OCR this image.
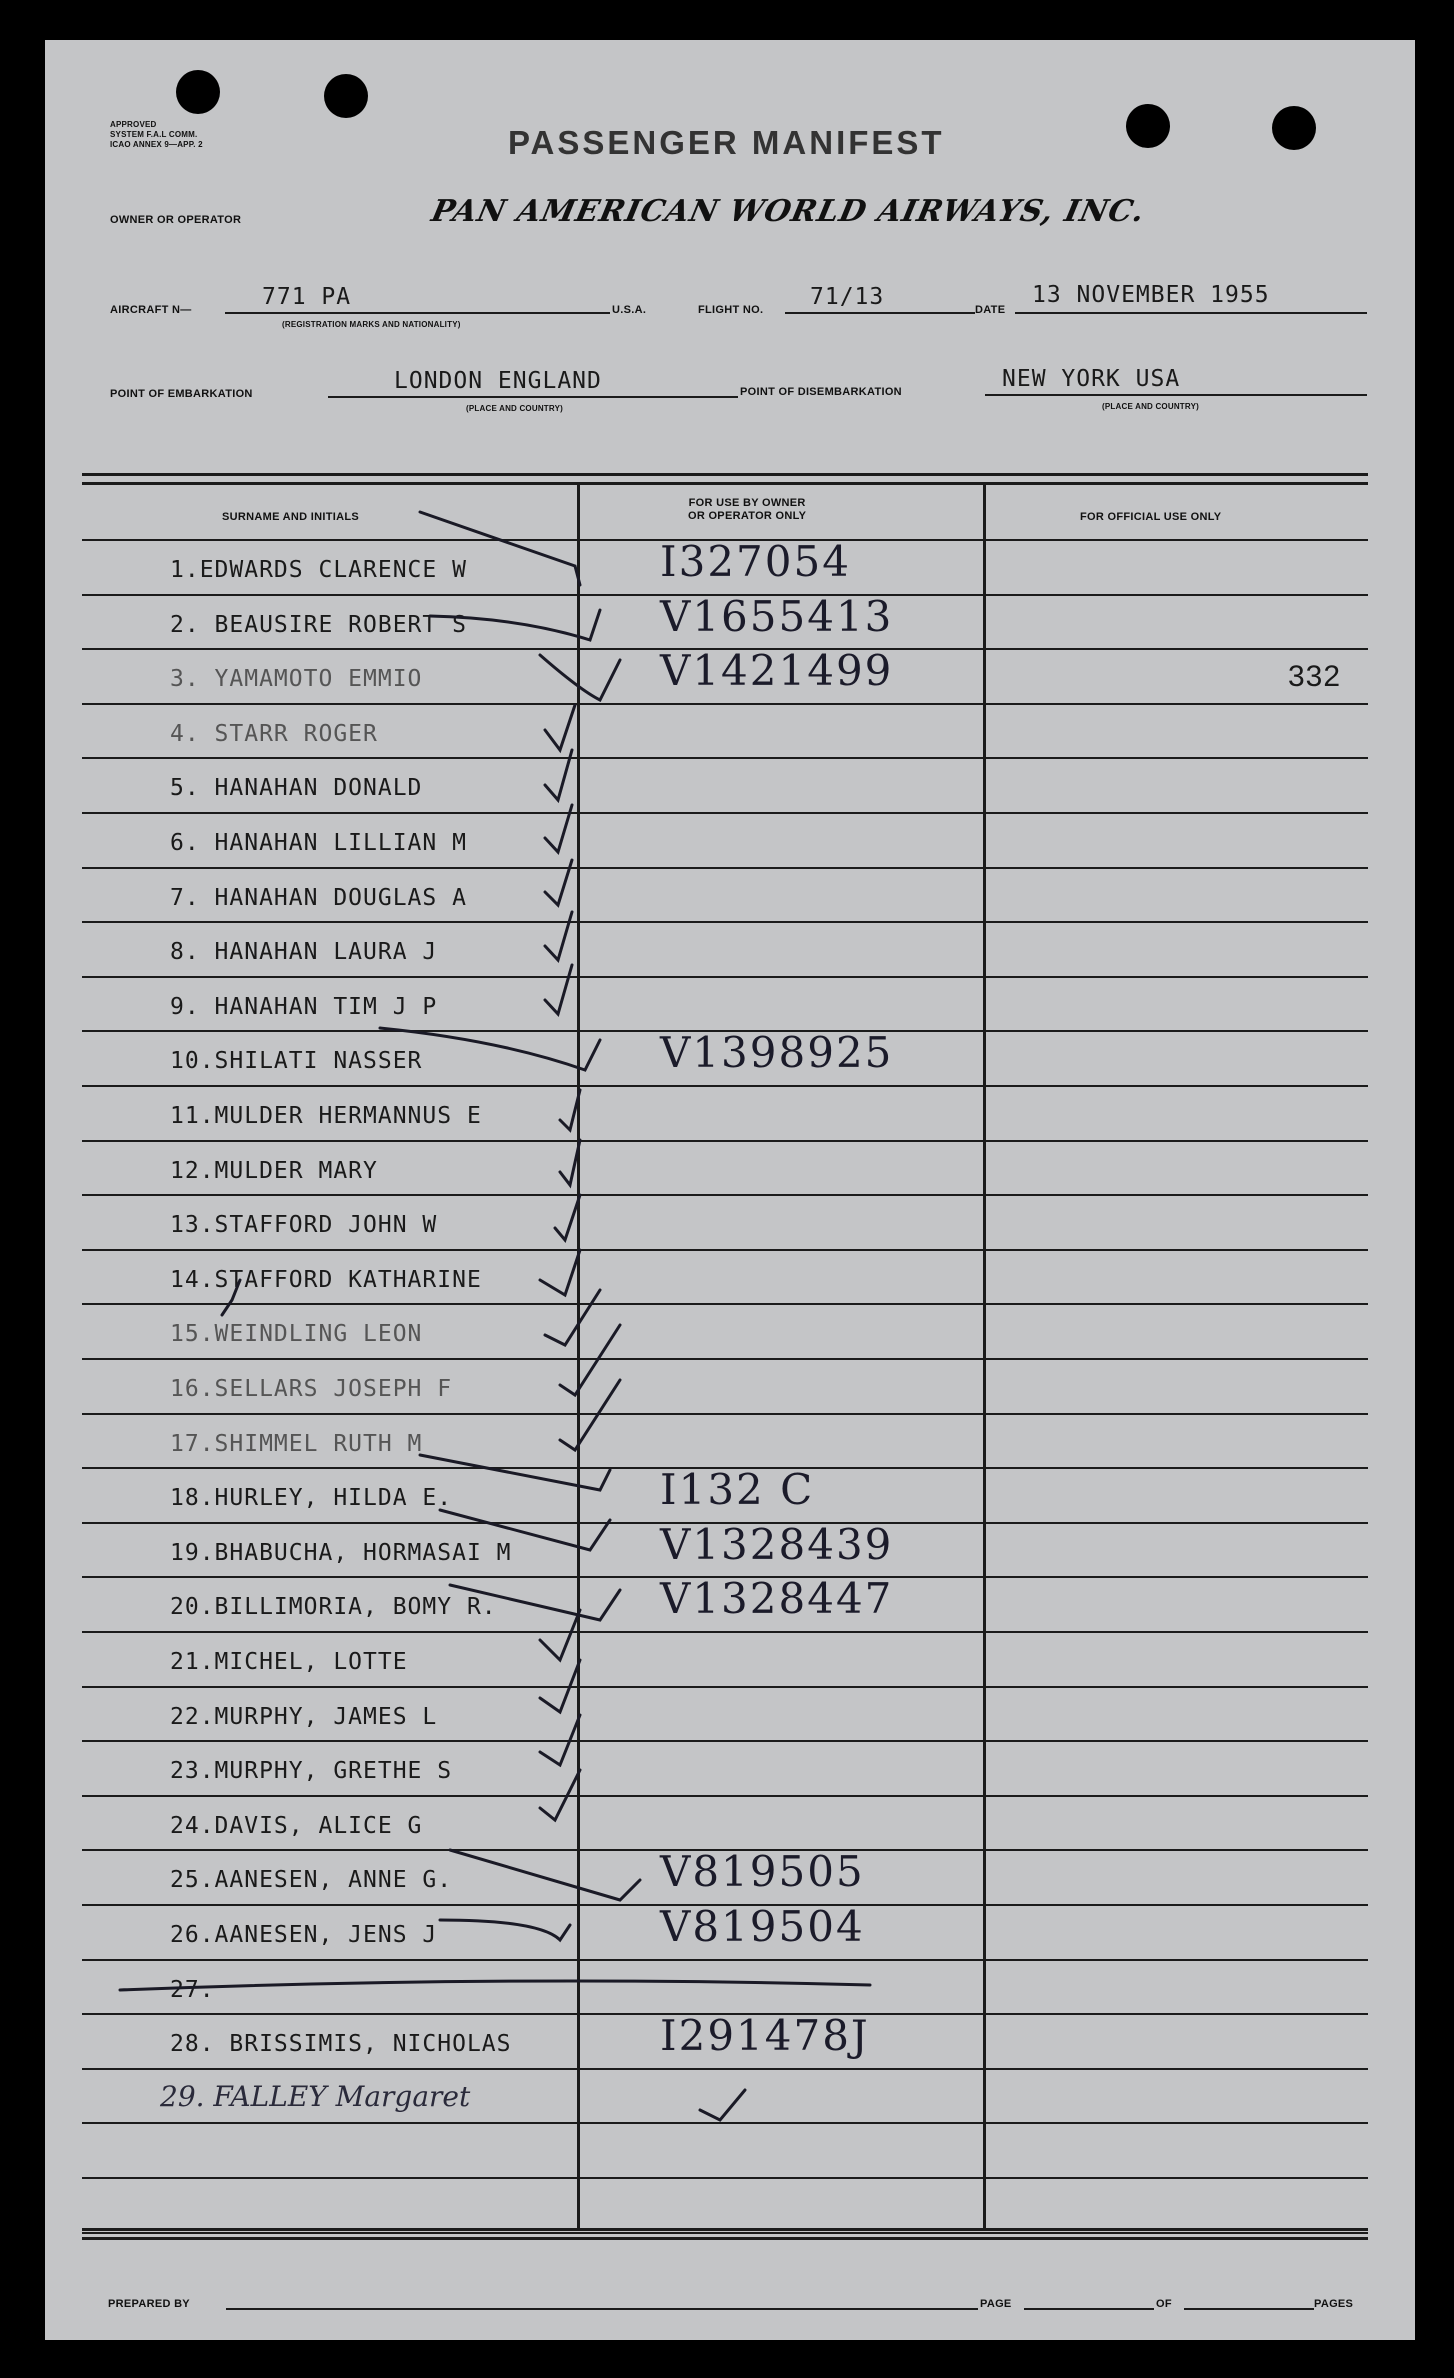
APPROVED
SYSTEM F.A.L COMM.
ICAO ANNEX 9—APP. 2	PASSENGER MANIFEST
OWNER OR OPERATOR	PAN AMERICAN WORLD AIRWAYS, INC.
AIRCRAFT N—	771 PA
(REGISTRATION MARKS AND NATIONALITY)
U.S.A.	FLIGHT NO. 71/13	DATE
13 NOVEMBER 1955
POINT OF EMBARKATION	LONDON ENGLAND
(PLACE AND COUNTRY)
POINT OF DISEMBARKATION	NEW YORK USA
(PLACE AND COUNTRY)
SURNAME AND INITIALS
FOR USE BY OWNER
OR OPERATOR ONLY	FOR OFFICIAL USE ONLY
1.EDWARDS CLARENCE W	I327054
2. BEAUSIRE ROBERT S	V1655413
3. YAMAMOTO EMMIO	V1421499	332
4. STARR ROGER
5. HANAHAN DONALD
6. HANAHAN LILLIAN M
7. HANAHAN DOUGLAS A
8. HANAHAN LAURA J
9. HANAHAN TIM J P
10.SHILATI NASSER	V1398925
11.MULDER HERMANNUS E
12.MULDER MARY
13.STAFFORD JOHN W
14.STAFFORD KATHARINE
15.WEINDLING LEON
16.SELLARS JOSEPH F
17.SHIMMEL RUTH M
18.HURLEY, HILDA E.	I132 C
19.BHABUCHA, HORMASAI M	V1328439
20.BILLIMORIA, BOMY R.	V1328447
21.MICHEL, LOTTE
22.MURPHY, JAMES L
23.MURPHY, GRETHE S
24.DAVIS, ALICE G
25.AANESEN, ANNE G.	V819505
26.AANESEN, JENS J	V819504
27.
28. BRISSIMIS, NICHOLAS	I291478J
29. FALLEY Margaret
PREPARED BY	PAGE	OF	PAGES
